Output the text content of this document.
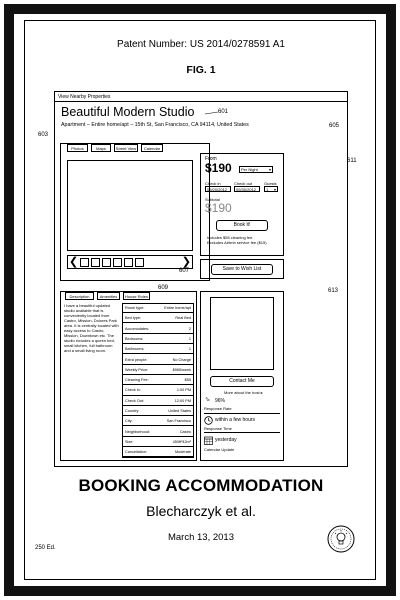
Patent Number: US 2014/0278591 A1
FIG. 1
View Nearby Properties
Beautiful Modern Studio	601
603
Apartment – Entire home/apt – 15th St, San Francisco, CA 94114, United States	605
Photos	Maps	Street View	Calendar
❮	❯
607
From
$190	Per Night	▾
Check in
09/20/2012
Check out
09/30/2012
Guests
1 ▾
Subtotal
$190
Book it!
Includes $55 cleaning fee.
Excludes Airbnb service fee ($15)
611
Save to Wish List
609
Description	Amenities	House Rules
I have a beautiful updated studio available that is conveniently located from Castro, Mission, Dolores Park area. It is centrally located with easy access to Castro, Mission, Downtown etc. The studio includes a queen bed, small kitchen, full bathroom and a small living room.
Room type:	Entire home/apt
Bed type:	Real Bed
Accomodates:	2
Bedrooms:	1
Bathrooms:	1
Extra people:	No Charge
Weekly Price:	$965/week
Cleaning Fee:	$55
Check in:	1:00 PM
Check Out:	12:00 PM
Country:	United States
City:	San Francisco
Neighborhood:	Castro
Size:	450ft²42m²
Cancellation:	Moderate
613
Contact Me
More about the host ▸
⬂ 96%
Response Rate
within a few hours
Response Time
yesterday
Calendar Update
BOOKING ACCOMMODATION
Blecharczyk et al.
March 13, 2013
250 Ed.
